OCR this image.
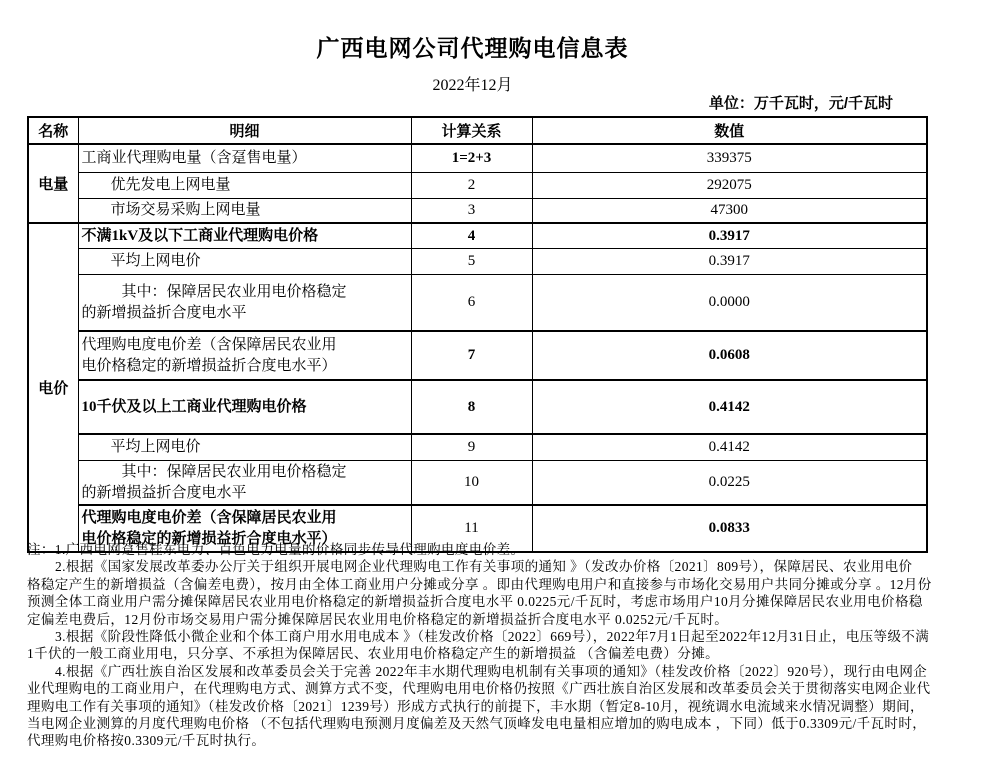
广西电网公司代理购电信息表
2022年12月
单位：万千瓦时，元/千瓦时
名称	明细	计算关系	数值
电量	工商业代理购电量（含趸售电量）	1=2+3	339375
	优先发电上网电量	2	292075
	市场交易采购上网电量	3	47300
电价	不满1kV及以下工商业代理购电价格	4	0.3917
	平均上网电价	5	0.3917

	其中：保障居民农业用电价格稳定
的新增损益折合度电水平	6	0.0000

	代理购电度电价差（含保障居民农业用
电价格稳定的新增损益折合度电水平）	7	0.0608
	10千伏及以上工商业代理购电价格	8	0.4142
	平均上网电价	9	0.4142

	其中：保障居民农业用电价格稳定
的新增损益折合度电水平	10	0.0225

	代理购电度电价差（含保障居民农业用
电价格稳定的新增损益折合度电水平）	11	0.0833
注：1.广西电网趸售桂东电力、百色电力电量的价格同步传导代理购电度电价差。
2.根据《国家发展改革委办公厅关于组织开展电网企业代理购电工作有关事项的通知 》（发改办价格〔2021〕809号），保障居民、农业用电价
格稳定产生的新增损益（含偏差电费），按月由全体工商业用户分摊或分享 。即由代理购电用户和直接参与市场化交易用户共同分摊或分享 。12月份
预测全体工商业用户需分摊保障居民农业用电价格稳定的新增损益折合度电水平 0.0225元/千瓦时，考虑市场用户10月分摊保障居民农业用电价格稳
定偏差电费后，12月份市场交易用户需分摊保障居民农业用电价格稳定的新增损益折合度电水平 0.0252元/千瓦时。
3.根据《阶段性降低小微企业和个体工商户用水用电成本 》（桂发改价格〔2022〕669号），2022年7月1日起至2022年12月31日止，电压等级不满
1千伏的一般工商业用电，只分享、不承担为保障居民、农业用电价格稳定产生的新增损益 （含偏差电费）分摊。
4.根据《广西壮族自治区发展和改革委员会关于完善 2022年丰水期代理购电机制有关事项的通知》（桂发改价格〔2022〕920号），现行由电网企
业代理购电的工商业用户，在代理购电方式、测算方式不变，代理购电用电价格仍按照《广西壮族自治区发展和改革委员会关于贯彻落实电网企业代
理购电工作有关事项的通知》（桂发改价格〔2021〕1239号）形成方式执行的前提下，丰水期（暂定8-10月，视统调水电流域来水情况调整）期间，
当电网企业测算的月度代理购电价格 （不包括代理购电预测月度偏差及天然气顶峰发电电量相应增加的购电成本 ，下同）低于0.3309元/千瓦时时，
代理购电价格按0.3309元/千瓦时执行。
